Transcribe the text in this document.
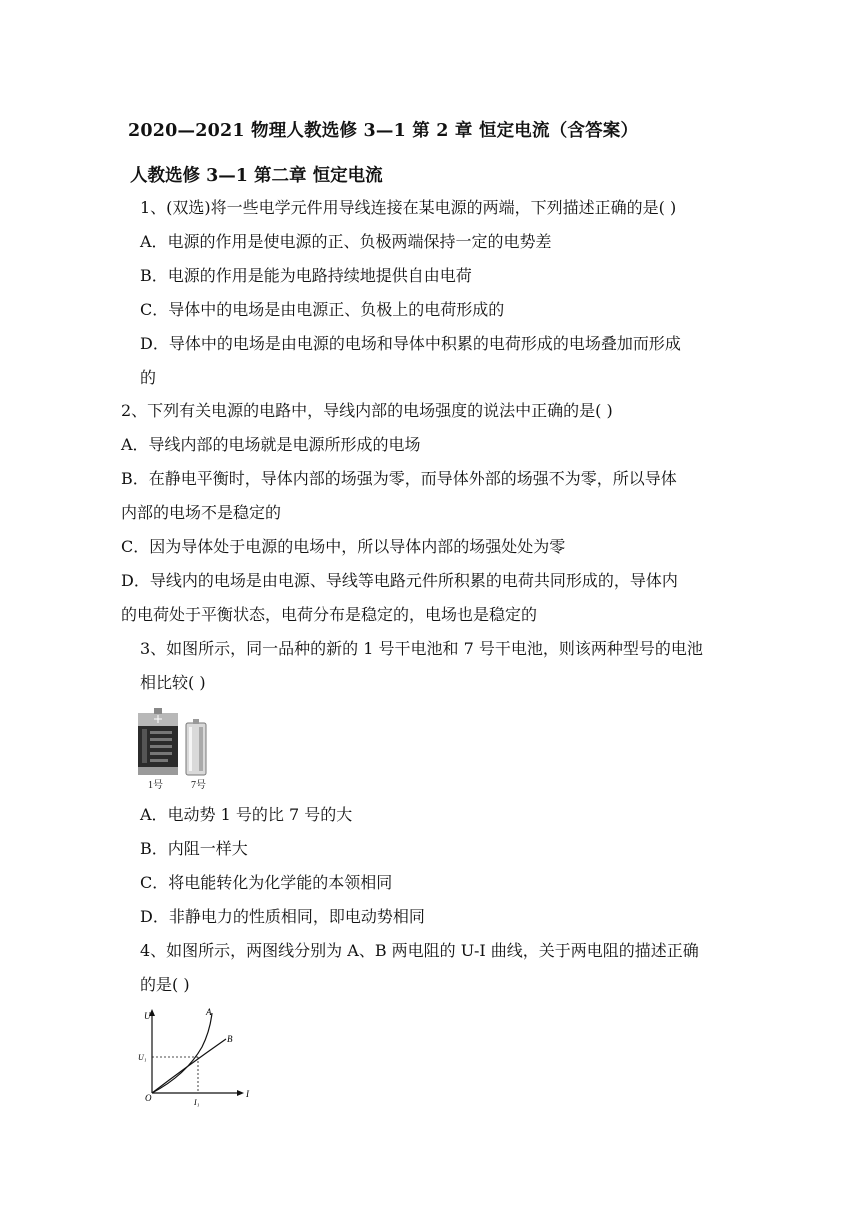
2020—2021 物理人教选修 3—1 第 2 章 恒定电流（含答案）
人教选修 3—1 第二章 恒定电流
1、(双选)将一些电学元件用导线连接在某电源的两端，下列描述正确的是( )
A．电源的作用是使电源的正、负极两端保持一定的电势差
B．电源的作用是能为电路持续地提供自由电荷
C．导体中的电场是由电源正、负极上的电荷形成的
D．导体中的电场是由电源的电场和导体中积累的电荷形成的电场叠加而形成
的
2、下列有关电源的电路中，导线内部的电场强度的说法中正确的是( )
A．导线内部的电场就是电源所形成的电场
B．在静电平衡时，导体内部的场强为零，而导体外部的场强不为零，所以导体
内部的电场不是稳定的
C．因为导体处于电源的电场中，所以导体内部的场强处处为零
D．导线内的电场是由电源、导线等电路元件所积累的电荷共同形成的，导体内
的电荷处于平衡状态，电荷分布是稳定的，电场也是稳定的
3、如图所示，同一品种的新的 1 号干电池和 7 号干电池，则该两种型号的电池
相比较( )
1号	7号
A．电动势 1 号的比 7 号的大
B．内阻一样大
C．将电能转化为化学能的本领相同
D．非静电力的性质相同，即电动势相同
4、如图所示，两图线分别为 A、B 两电阻的 U-I 曲线，关于两电阻的描述正确
的是( )
U
I
O
U₁
I₁
A
B
